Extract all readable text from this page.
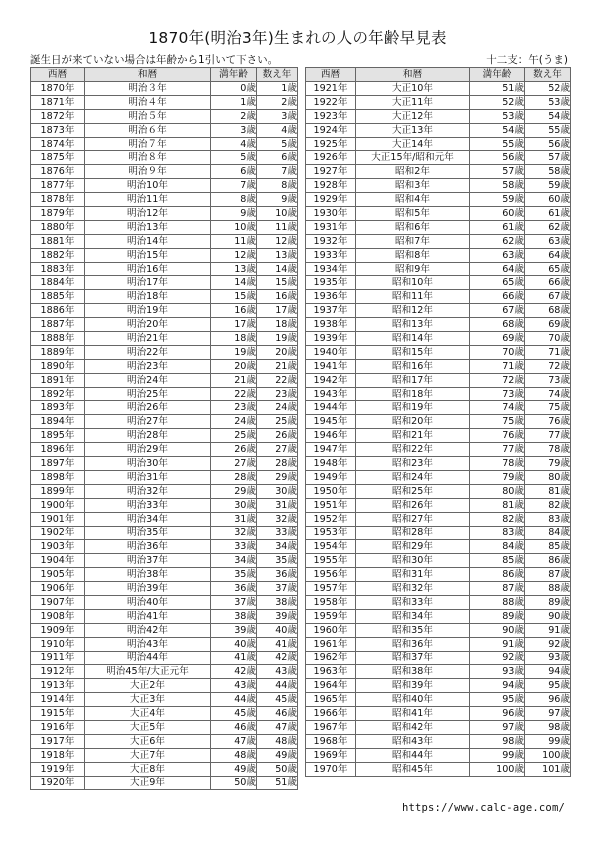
1870年(明治3年)生まれの人の年齢早見表
誕生日が来ていない場合は年齢から1引いて下さい。	十二支：午(うま)
西暦	和暦	満年齢	数え年
1870年	明治３年	0歳	1歳
1871年	明治４年	1歳	2歳
1872年	明治５年	2歳	3歳
1873年	明治６年	3歳	4歳
1874年	明治７年	4歳	5歳
1875年	明治８年	5歳	6歳
1876年	明治９年	6歳	7歳
1877年	明治10年	7歳	8歳
1878年	明治11年	8歳	9歳
1879年	明治12年	9歳	10歳
1880年	明治13年	10歳	11歳
1881年	明治14年	11歳	12歳
1882年	明治15年	12歳	13歳
1883年	明治16年	13歳	14歳
1884年	明治17年	14歳	15歳
1885年	明治18年	15歳	16歳
1886年	明治19年	16歳	17歳
1887年	明治20年	17歳	18歳
1888年	明治21年	18歳	19歳
1889年	明治22年	19歳	20歳
1890年	明治23年	20歳	21歳
1891年	明治24年	21歳	22歳
1892年	明治25年	22歳	23歳
1893年	明治26年	23歳	24歳
1894年	明治27年	24歳	25歳
1895年	明治28年	25歳	26歳
1896年	明治29年	26歳	27歳
1897年	明治30年	27歳	28歳
1898年	明治31年	28歳	29歳
1899年	明治32年	29歳	30歳
1900年	明治33年	30歳	31歳
1901年	明治34年	31歳	32歳
1902年	明治35年	32歳	33歳
1903年	明治36年	33歳	34歳
1904年	明治37年	34歳	35歳
1905年	明治38年	35歳	36歳
1906年	明治39年	36歳	37歳
1907年	明治40年	37歳	38歳
1908年	明治41年	38歳	39歳
1909年	明治42年	39歳	40歳
1910年	明治43年	40歳	41歳
1911年	明治44年	41歳	42歳
1912年	明治45年/大正元年	42歳	43歳
1913年	大正2年	43歳	44歳
1914年	大正3年	44歳	45歳
1915年	大正4年	45歳	46歳
1916年	大正5年	46歳	47歳
1917年	大正6年	47歳	48歳
1918年	大正7年	48歳	49歳
1919年	大正8年	49歳	50歳
1920年	大正9年	50歳	51歳
西暦	和暦	満年齢	数え年
1921年	大正10年	51歳	52歳
1922年	大正11年	52歳	53歳
1923年	大正12年	53歳	54歳
1924年	大正13年	54歳	55歳
1925年	大正14年	55歳	56歳
1926年	大正15年/昭和元年	56歳	57歳
1927年	昭和2年	57歳	58歳
1928年	昭和3年	58歳	59歳
1929年	昭和4年	59歳	60歳
1930年	昭和5年	60歳	61歳
1931年	昭和6年	61歳	62歳
1932年	昭和7年	62歳	63歳
1933年	昭和8年	63歳	64歳
1934年	昭和9年	64歳	65歳
1935年	昭和10年	65歳	66歳
1936年	昭和11年	66歳	67歳
1937年	昭和12年	67歳	68歳
1938年	昭和13年	68歳	69歳
1939年	昭和14年	69歳	70歳
1940年	昭和15年	70歳	71歳
1941年	昭和16年	71歳	72歳
1942年	昭和17年	72歳	73歳
1943年	昭和18年	73歳	74歳
1944年	昭和19年	74歳	75歳
1945年	昭和20年	75歳	76歳
1946年	昭和21年	76歳	77歳
1947年	昭和22年	77歳	78歳
1948年	昭和23年	78歳	79歳
1949年	昭和24年	79歳	80歳
1950年	昭和25年	80歳	81歳
1951年	昭和26年	81歳	82歳
1952年	昭和27年	82歳	83歳
1953年	昭和28年	83歳	84歳
1954年	昭和29年	84歳	85歳
1955年	昭和30年	85歳	86歳
1956年	昭和31年	86歳	87歳
1957年	昭和32年	87歳	88歳
1958年	昭和33年	88歳	89歳
1959年	昭和34年	89歳	90歳
1960年	昭和35年	90歳	91歳
1961年	昭和36年	91歳	92歳
1962年	昭和37年	92歳	93歳
1963年	昭和38年	93歳	94歳
1964年	昭和39年	94歳	95歳
1965年	昭和40年	95歳	96歳
1966年	昭和41年	96歳	97歳
1967年	昭和42年	97歳	98歳
1968年	昭和43年	98歳	99歳
1969年	昭和44年	99歳	100歳
1970年	昭和45年	100歳	101歳
https://www.calc-age.com/
